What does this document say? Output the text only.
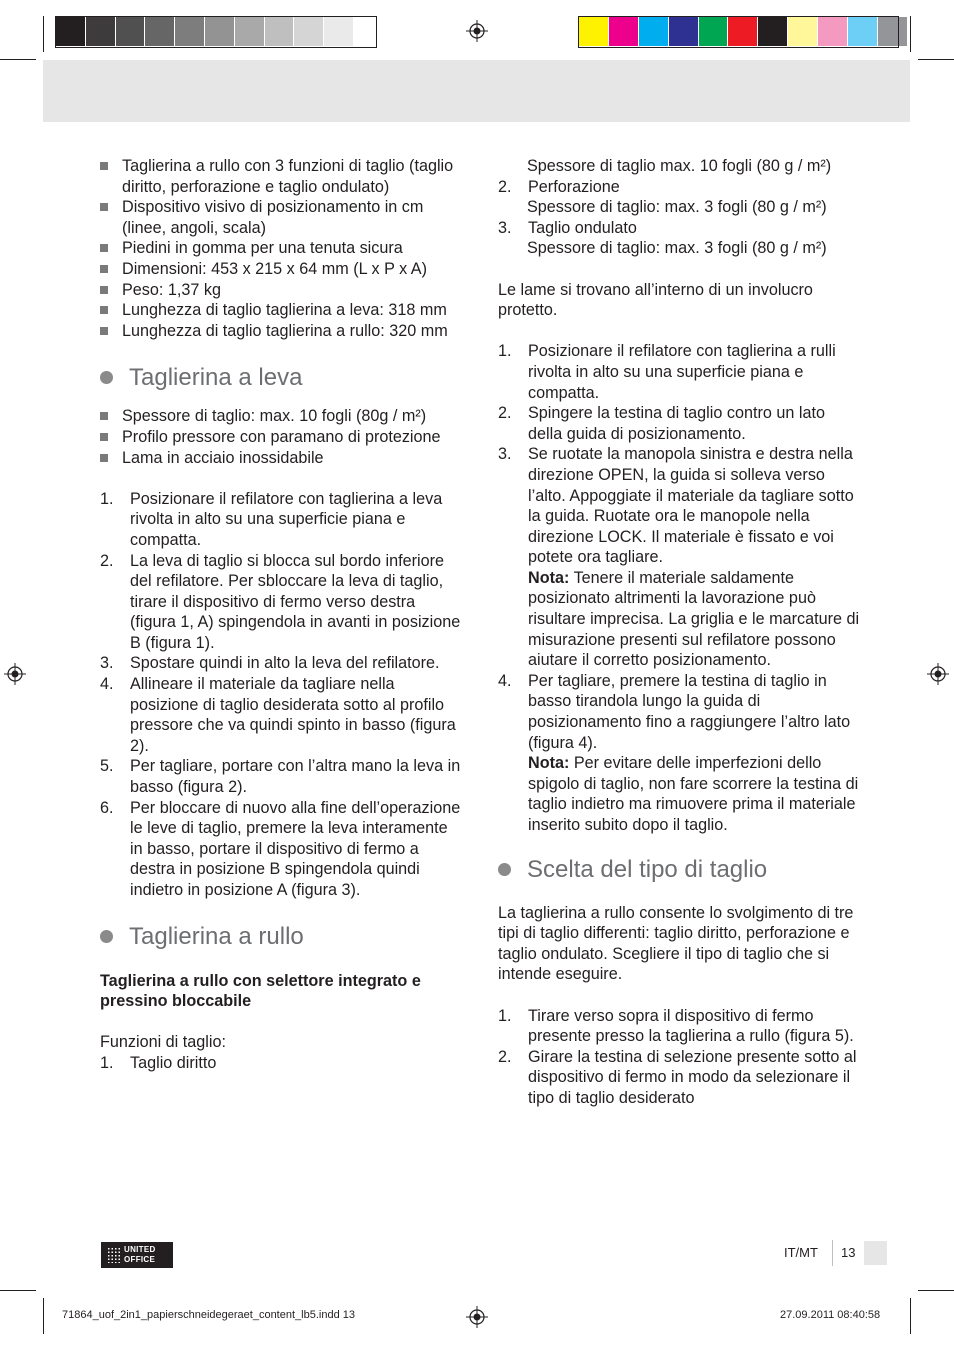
Taglierina a rullo con 3 funzioni di taglio (taglio diritto, perforazione e taglio ondulato)
Dispositivo visivo di posizionamento in cm (linee, angoli, scala)
Piedini in gomma per una tenuta sicura
Dimensioni: 453 x 215 x 64 mm (L x P x A)
Peso: 1,37 kg
Lunghezza di taglio taglierina a leva: 318 mm
Lunghezza di taglio taglierina a rullo: 320 mm
Taglierina a leva
Spessore di taglio: max. 10 fogli (80g / m²)
Profilo pressore con paramano di protezione
Lama in acciaio inossidabile
1. Posizionare il refilatore con taglierina a leva rivolta in alto su una superficie piana e compatta.
2. La leva di taglio si blocca sul bordo inferiore del refilatore. Per sbloccare la leva di taglio, tirare il dispositivo di fermo verso destra (figura 1, A) spingendola in avanti in posizione B (figura 1).
3. Spostare quindi in alto la leva del refilatore.
4. Allineare il materiale da tagliare nella posizione di taglio desiderata sotto al profilo pressore che va quindi spinto in basso (figura 2).
5. Per tagliare, portare con l’altra mano la leva in basso (figura 2).
6. Per bloccare di nuovo alla fine dell’operazione le leve di taglio, premere la leva interamente in basso, portare il dispositivo di fermo a destra in posizione B spingendola quindi indietro in posizione A (figura 3).
Taglierina a rullo
Taglierina a rullo con selettore integrato e pressino bloccabile
Funzioni di taglio:
1. Taglio diritto
Spessore di taglio max. 10 fogli (80 g / m²)
2. Perforazione
Spessore di taglio: max. 3 fogli (80 g / m²)
3. Taglio ondulato
Spessore di taglio: max. 3 fogli (80 g / m²)
Le lame si trovano all’interno di un involucro protetto.
1. Posizionare il refilatore con taglierina a rulli rivolta in alto su una superficie piana e compatta.
2. Spingere la testina di taglio contro un lato della guida di posizionamento.
3. Se ruotate la manopola sinistra e destra nella direzione OPEN, la guida si solleva verso l’alto. Appoggiate il materiale da tagliare sotto la guida. Ruotate ora le manopole nella direzione LOCK. Il materiale è fissato e voi potete ora tagliare.
Nota: Tenere il materiale saldamente posizionato altrimenti la lavorazione può risultare imprecisa. La griglia e le marcature di misurazione presenti sul refilatore possono aiutare il corretto posizionamento.
4. Per tagliare, premere la testina di taglio in basso tirandola lungo la guida di posizionamento fino a raggiungere l’altro lato (figura 4).
Nota: Per evitare delle imperfezioni dello spigolo di taglio, non fare scorrere la testina di taglio indietro ma rimuovere prima il materiale inserito subito dopo il taglio.
Scelta del tipo di taglio
La taglierina a rullo consente lo svolgimento di tre tipi di taglio differenti: taglio diritto, perforazione e taglio ondulato. Scegliere il tipo di taglio che si intende eseguire.
1. Tirare verso sopra il dispositivo di fermo presente presso la taglierina a rullo (figura 5).
2. Girare la testina di selezione presente sotto al dispositivo di fermo in modo da selezionare il tipo di taglio desiderato
UNITED
OFFICE	IT/MT 13
71864_uof_2in1_papierschneidegeraet_content_lb5.indd 13	27.09.2011 08:40:58
